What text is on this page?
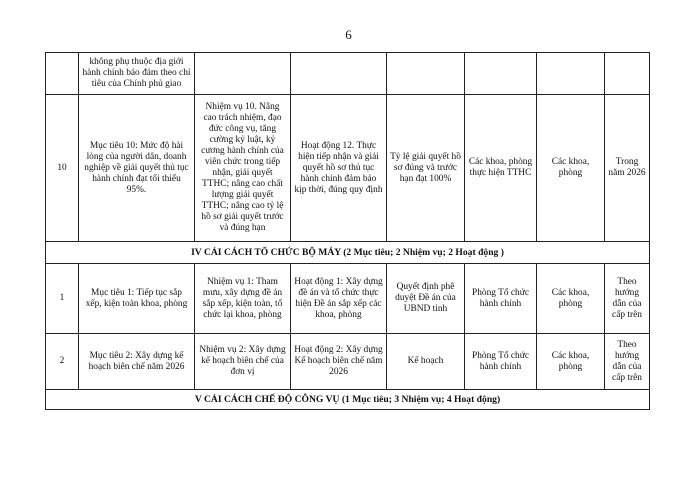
6
	không phụ thuộc địa giới hành chính bảo đảm theo chỉ tiêu của Chính phủ giao						
10	Mục tiêu 10: Mức độ hài lòng của người dân, doanh nghiệp về giải quyết thủ tục hành chính đạt tối thiểu 95%.	Nhiệm vụ 10. Nâng cao trách nhiệm, đạo đức công vụ, tăng cường kỷ luật, kỷ cương hành chính của viên chức trong tiếp nhận, giải quyết TTHC; nâng cao chất lượng giải quyết TTHC; nâng cao tỷ lệ hồ sơ giải quyết trước và đúng hạn	Hoạt động 12. Thực hiện tiếp nhận và giải quyết hồ sơ thủ tục hành chính đảm bảo kịp thời, đúng quy định	Tỷ lệ giải quyết hồ sơ đúng và trước hạn đạt 100%	Các khoa, phòng thực hiện TTHC	Các khoa, phòng	Trong năm 2026
IV CẢI CÁCH TỔ CHỨC BỘ MÁY (2 Mục tiêu; 2 Nhiệm vụ; 2 Hoạt động )							
1	Mục tiêu 1: Tiếp tục sắp xếp, kiện toàn khoa, phòng	Nhiệm vụ 1: Tham mưu, xây dựng đề án sắp xếp, kiện toàn, tổ chức lại khoa, phòng	Hoạt động 1: Xây dựng đề án và tổ chức thực hiện Đề án sắp xếp các khoa, phòng	Quyết định phê duyệt Đề án của UBND tỉnh	Phòng Tổ chức hành chính	Các khoa, phòng	Theo hướng dẫn của cấp trên
2	Mục tiêu 2: Xây dựng kế hoạch biên chế năm 2026	Nhiệm vụ 2: Xây dựng kế hoạch biên chế của đơn vị	Hoạt động 2: Xây dựng Kế hoạch biên chế năm 2026	Kế hoạch	Phòng Tổ chức hành chính	Các khoa, phòng	Theo hướng dẫn của cấp trên
V CẢI CÁCH CHẾ ĐỘ CÔNG VỤ (1 Mục tiêu; 3 Nhiệm vụ; 4 Hoạt động)							
